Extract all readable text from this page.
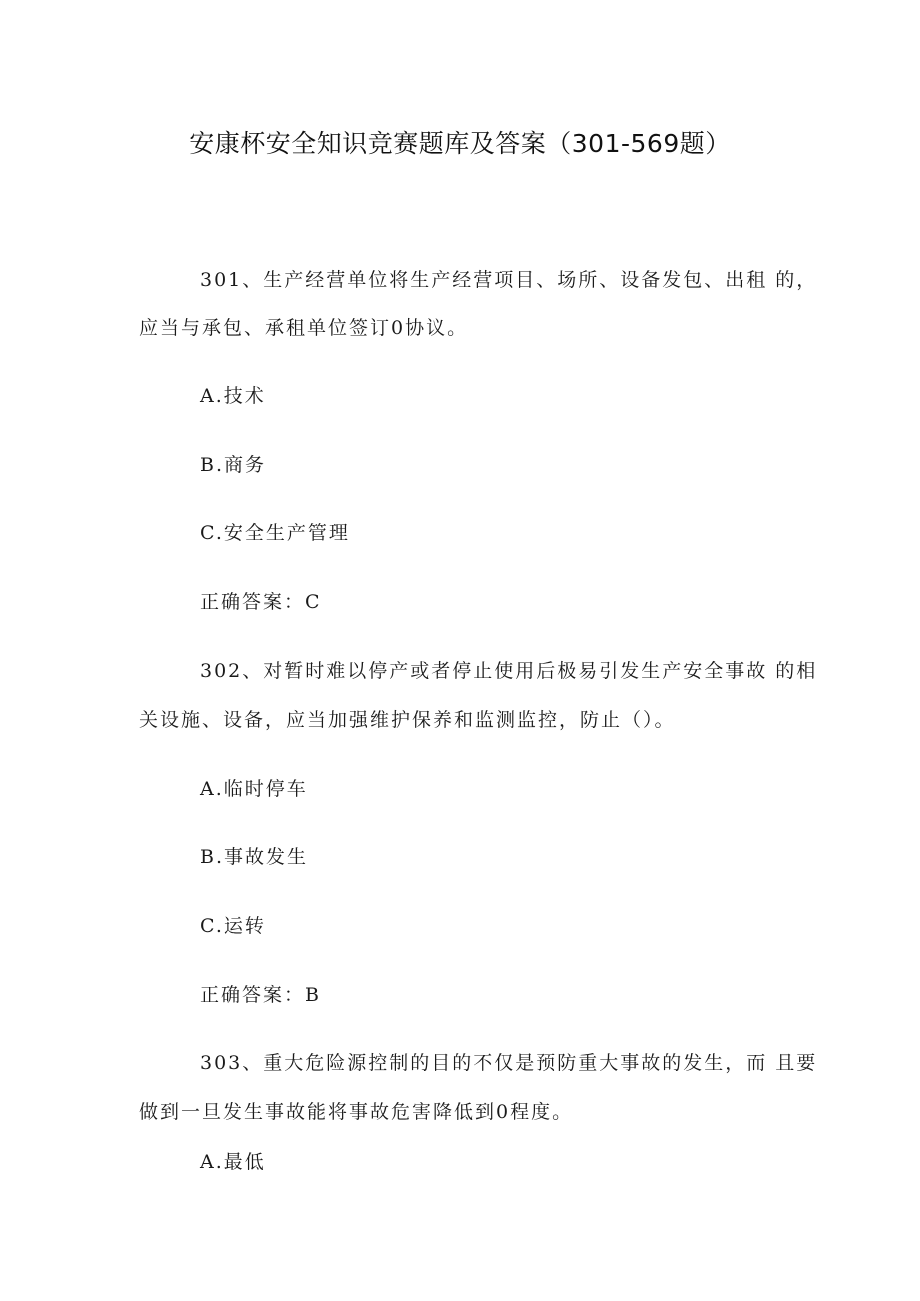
安康杯安全知识竞赛题库及答案（301-569题）
301、生产经营单位将生产经营项目、场所、设备发包、出租 的，
应当与承包、承租单位签订0协议。
A.技术
B.商务
C.安全生产管理
正确答案：C
302、对暂时难以停产或者停止使用后极易引发生产安全事故 的相
关设施、设备，应当加强维护保养和监测监控，防止（）。
A.临时停车
B.事故发生
C.运转
正确答案：B
303、重大危险源控制的目的不仅是预防重大事故的发生，而 且要
做到一旦发生事故能将事故危害降低到0程度。
A.最低
